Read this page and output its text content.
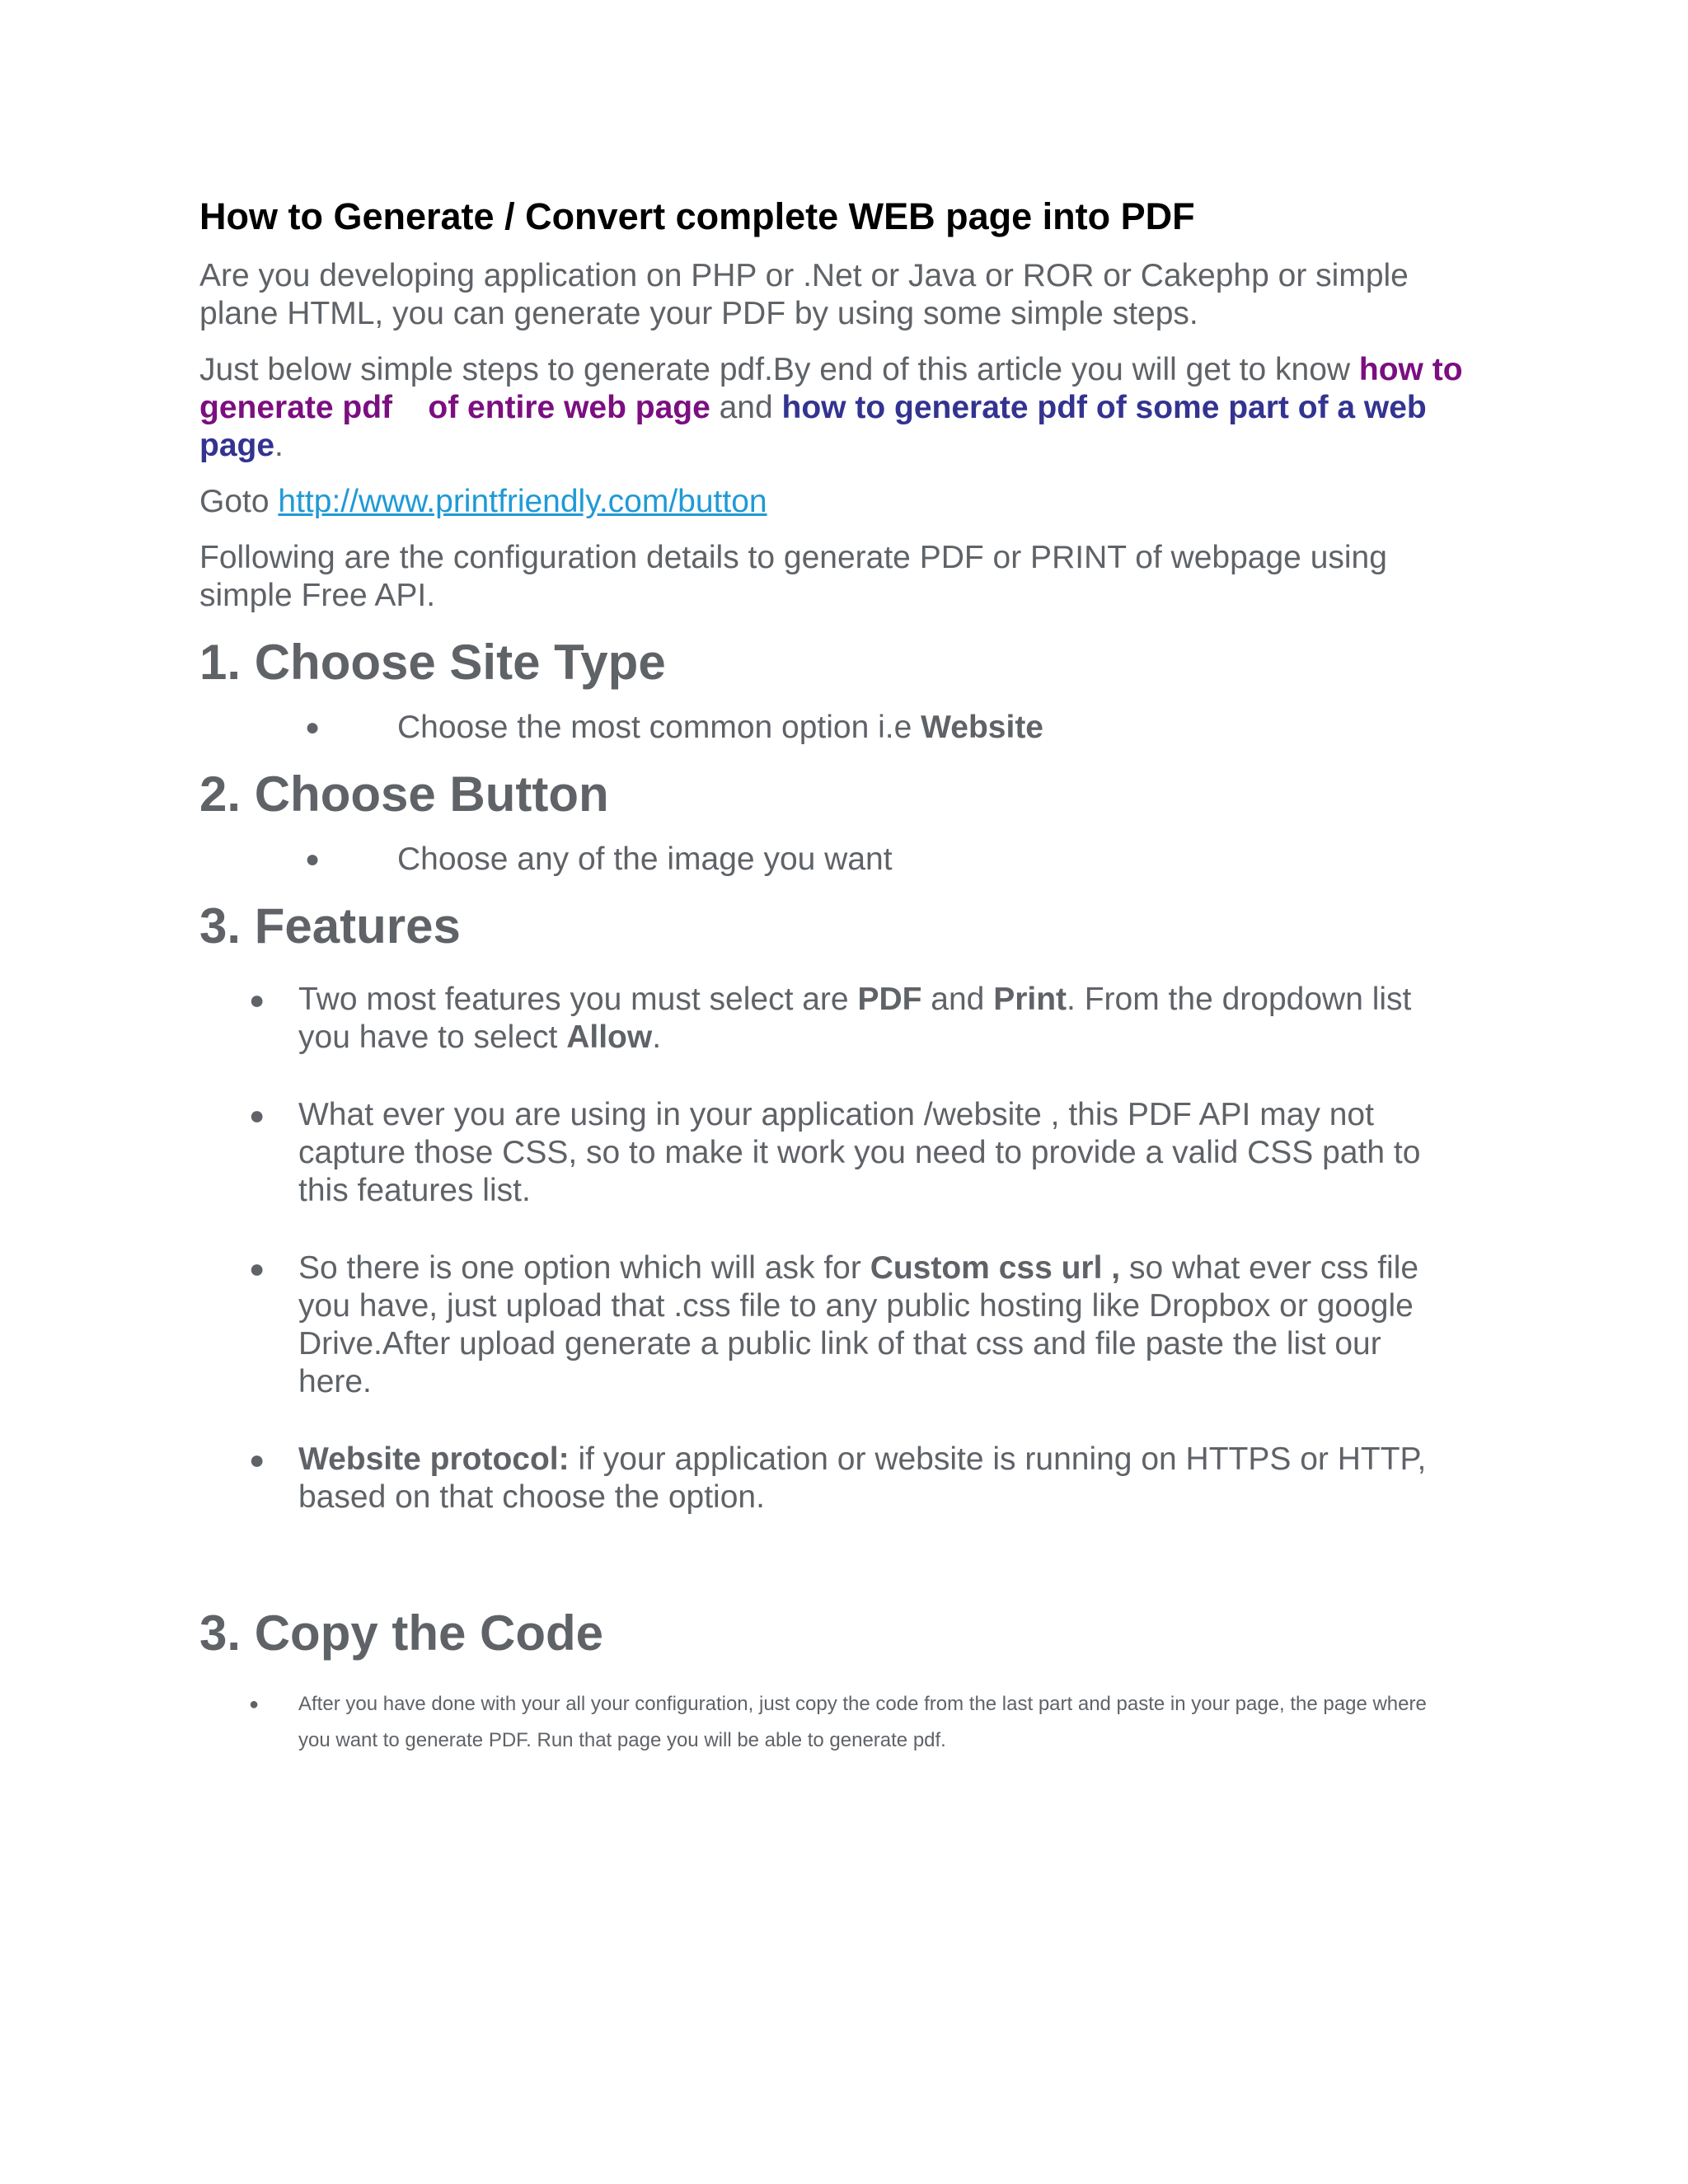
How to Generate / Convert complete WEB page into PDF

Are you developing application on PHP or .Net or Java or ROR or Cakephp or simple plane HTML, you can generate your PDF by using some simple steps.

Just below simple steps to generate pdf.By end of this article you will get to know how to generate pdf    of entire web page and how to generate pdf of some part of a web page.

Goto http://www.printfriendly.com/button

Following are the configuration details to generate PDF or PRINT of webpage using simple Free API.

1. Choose Site Type
● Choose the most common option i.e Website
2. Choose Button
● Choose any of the image you want
3. Features
● Two most features you must select are PDF and Print. From the dropdown list you have to select Allow.
● What ever you are using in your application /website , this PDF API may not capture those CSS, so to make it work you need to provide a valid CSS path to this features list.
● So there is one option which will ask for Custom css url , so what ever css file you have, just upload that .css file to any public hosting like Dropbox or google Drive.After upload generate a public link of that css and file paste the list our here.
● Website protocol: if your application or website is running on HTTPS or HTTP, based on that choose the option.
3. Copy the Code
● After you have done with your all your configuration, just copy the code from the last part and paste in your page, the page where you want to generate PDF. Run that page you will be able to generate pdf.
